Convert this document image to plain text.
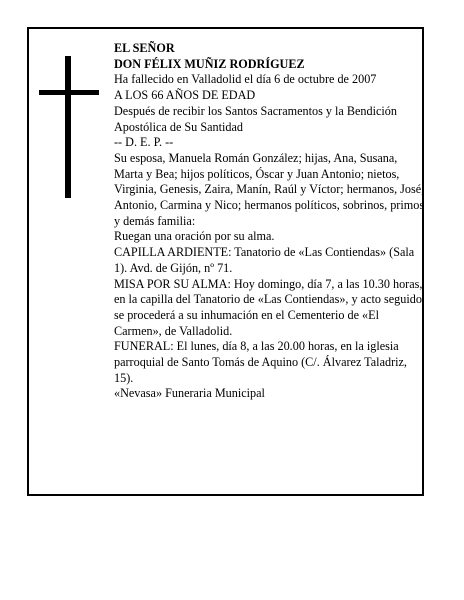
EL SEÑOR

DON FÉLIX MUÑIZ RODRÍGUEZ

Ha fallecido en Valladolid el día 6 de octubre de 2007

A LOS 66 AÑOS DE EDAD

Después de recibir los Santos Sacramentos y la Bendición Apostólica de Su Santidad

-- D. E. P. --

Su esposa, Manuela Román González; hijas, Ana, Susana, Marta y Bea; hijos políticos, Óscar y Juan Antonio; nietos, Virginia, Genesis, Zaira, Manín, Raúl y Víctor; hermanos, José, Antonio, Carmina y Nico; hermanos políticos, sobrinos, primos y demás familia:

Ruegan una oración por su alma.

CAPILLA ARDIENTE: Tanatorio de «Las Contiendas» (Sala 1). Avd. de Gijón, nº 71.

MISA POR SU ALMA: Hoy domingo, día 7, a las 10.30 horas, en la capilla del Tanatorio de «Las Contiendas», y acto seguido se procederá a su inhumación en el Cementerio de «El Carmen», de Valladolid.

FUNERAL: El lunes, día 8, a las 20.00 horas, en la iglesia parroquial de Santo Tomás de Aquino (C/. Álvarez Taladriz, 15).

«Nevasa» Funeraria Municipal
